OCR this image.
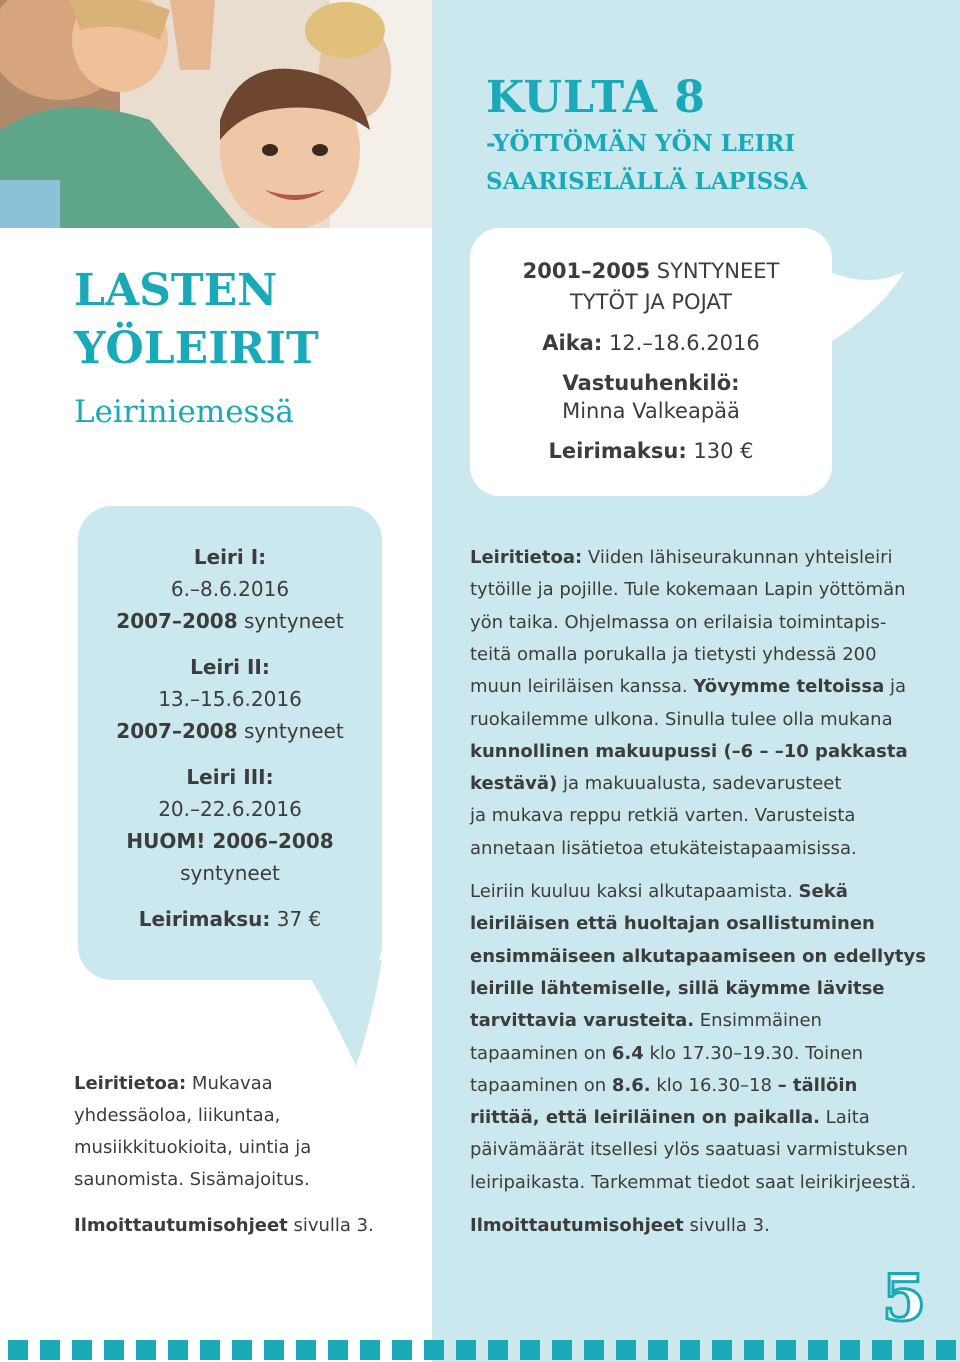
KULTA 8
-YÖTTÖMÄN YÖN LEIRI
SAARISELÄLLÄ LAPISSA
LASTEN
YÖLEIRIT
Leiriniemessä
2001–2005 SYNTYNEET
TYTÖT JA POJAT
Aika: 12.–18.6.2016
Vastuuhenkilö:
Minna Valkeapää
Leirimaksu: 130 €
Leiri I:
6.–8.6.2016
2007–2008 syntyneet
Leiri II:
13.–15.6.2016
2007–2008 syntyneet
Leiri III:
20.–22.6.2016
HUOM! 2006–2008
syntyneet
Leirimaksu: 37 €
Leiritietoa: Mukavaa
yhdessäoloa, liikuntaa,
musiikkituokioita, uintia ja
saunomista. Sisämajoitus.
Ilmoittautumisohjeet sivulla 3.
Leiritietoa: Viiden lähiseurakunnan yhteisleiri
tytöille ja pojille. Tule kokemaan Lapin yöttömän
yön taika. Ohjelmassa on erilaisia toimintapis-
teitä omalla porukalla ja tietysti yhdessä 200
muun leiriläisen kanssa. Yövymme teltoissa ja
ruokailemme ulkona. Sinulla tulee olla mukana
kunnollinen makuupussi (–6 – –10 pakkasta
kestävä) ja makuualusta, sadevarusteet
ja mukava reppu retkiä varten. Varusteista
annetaan lisätietoa etukäteistapaamisissa.
Leiriin kuuluu kaksi alkutapaamista. Sekä
leiriläisen että huoltajan osallistuminen
ensimmäiseen alkutapaamiseen on edellytys
leirille lähtemiselle, sillä käymme lävitse
tarvittavia varusteita. Ensimmäinen
tapaaminen on 6.4 klo 17.30–19.30. Toinen
tapaaminen on 8.6. klo 16.30–18 – tällöin
riittää, että leiriläinen on paikalla. Laita
päivämäärät itsellesi ylös saatuasi varmistuksen
leiripaikasta. Tarkemmat tiedot saat leirikirjeestä.
Ilmoittautumisohjeet sivulla 3.
5
